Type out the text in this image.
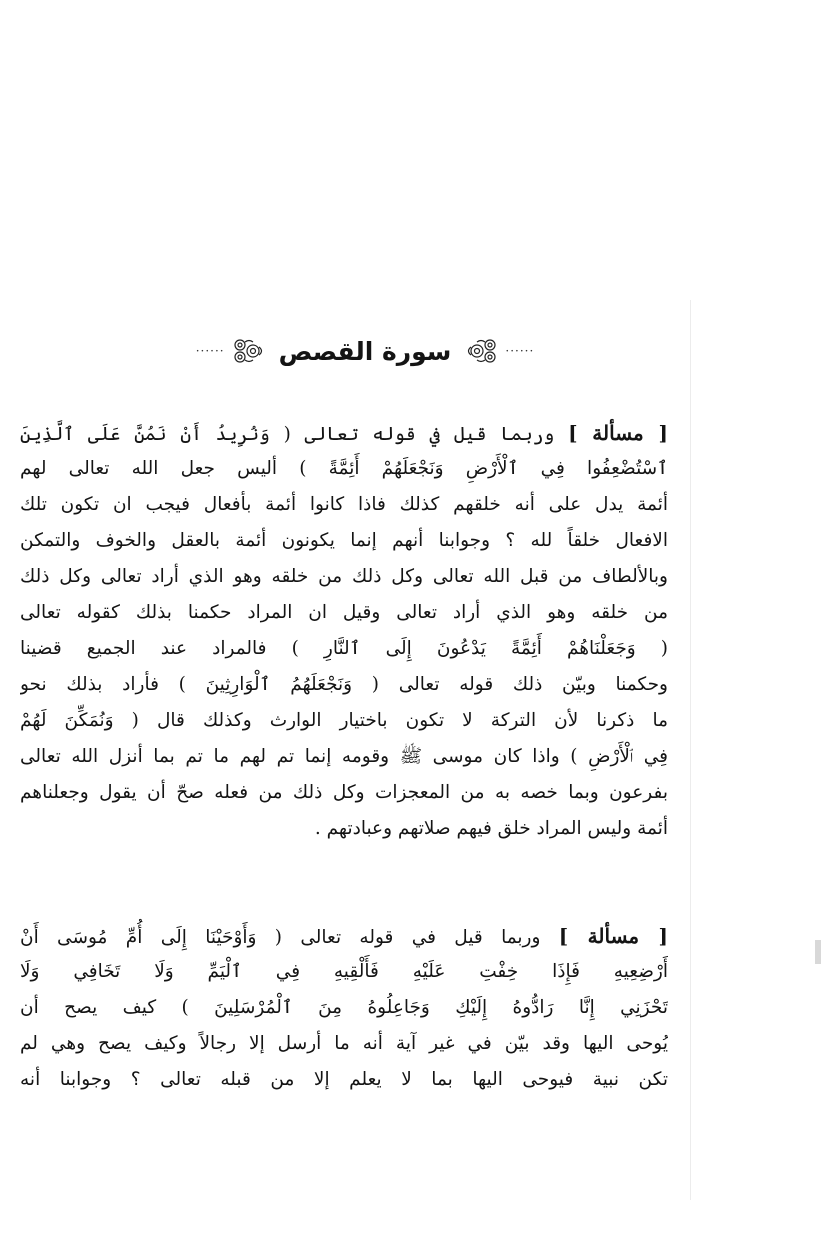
······ سورة القصص	······
[ مسألة ] وربما قيل في قوله تعالى ( وَنُرِيدُ أَنْ نَمُنَّ عَلَى ٱلَّذِينَ
ٱسْتُضْعِفُوا فِي ٱلْأَرْضِ وَنَجْعَلَهُمْ أَئِمَّةً ) أليس جعل الله تعالى لهم
أئمة يدل على أنه خلقهم كذلك فاذا كانوا أئمة بأفعال فيجب ان تكون تلك
الافعال خلقاً لله ؟ وجوابنا أنهم إنما يكونون أئمة بالعقل والخوف والتمكن
وبالألطاف من قبل الله تعالى وكل ذلك من خلقه وهو الذي أراد تعالى وكل ذلك
من خلقه وهو الذي أراد تعالى وقيل ان المراد حكمنا بذلك كقوله تعالى
( وَجَعَلْنَاهُمْ أَئِمَّةً يَدْعُونَ إِلَى ٱلنَّارِ ) فالمراد عند الجميع قضينا
وحكمنا وبيّن ذلك قوله تعالى ( وَنَجْعَلَهُمُ ٱلْوَارِثِينَ ) فأراد بذلك نحو
ما ذكرنا لأن التركة لا تكون باختيار الوارث وكذلك قال ( وَنُمَكِّنَ لَهُمْ
فِي ٱلْأَرْضِ ) واذا كان موسى ﷺ وقومه إنما تم لهم ما تم بما أنزل الله تعالى
بفرعون وبما خصه به من المعجزات وكل ذلك من فعله صحّ أن يقول وجعلناهم
أئمة وليس المراد خلق فيهم صلاتهم وعبادتهم .
[ مسألة ] وربما قيل في قوله تعالى ( وَأَوْحَيْنَا إِلَى أُمِّ مُوسَى أَنْ
أَرْضِعِيهِ فَإِذَا خِفْتِ عَلَيْهِ فَأَلْقِيهِ فِي ٱلْيَمِّ وَلَا تَخَافِي وَلَا
تَحْزَنِي إِنَّا رَادُّوهُ إِلَيْكِ وَجَاعِلُوهُ مِنَ ٱلْمُرْسَلِينَ ) كيف يصح أن
يُوحى اليها وقد بيّن في غير آية أنه ما أرسل إلا رجالاً وكيف يصح وهي لم
تكن نبية فيوحى اليها بما لا يعلم إلا من قبله تعالى ؟ وجوابنا أنه
